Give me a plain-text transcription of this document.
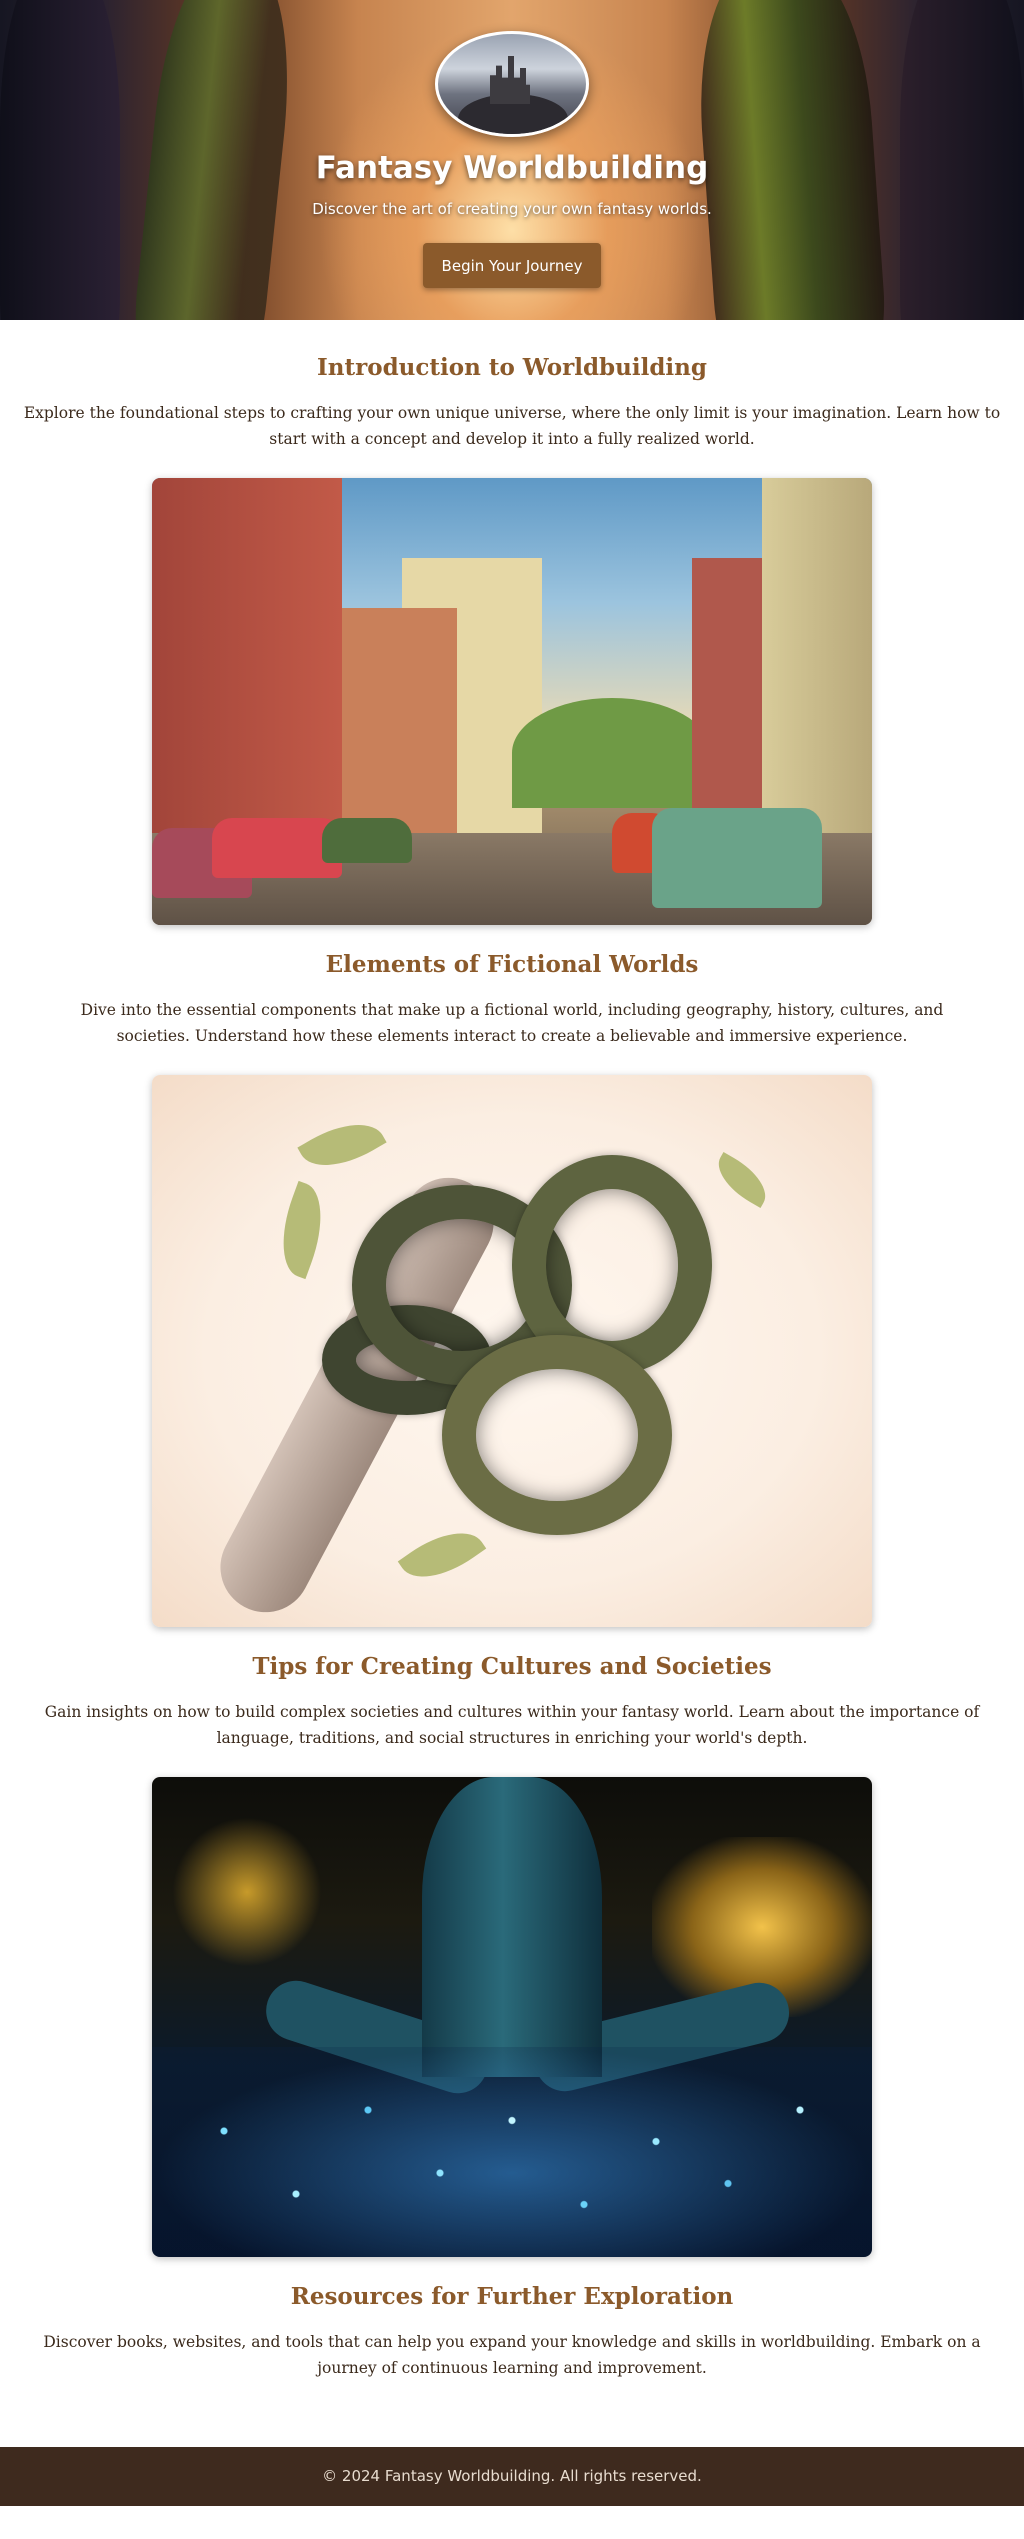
Fantasy Worldbuilding

Discover the art of creating your own fantasy worlds.

Begin Your Journey
Introduction to Worldbuilding

Explore the foundational steps to crafting your own unique universe, where the only limit is your imagination. Learn how to start with a concept and develop it into a fully realized world.

Elements of Fictional Worlds

Dive into the essential components that make up a fictional world, including geography, history, cultures, and societies. Understand how these elements interact to create a believable and immersive experience.

Tips for Creating Cultures and Societies

Gain insights on how to build complex societies and cultures within your fantasy world. Learn about the importance of language, traditions, and social structures in enriching your world's depth.

Resources for Further Exploration

Discover books, websites, and tools that can help you expand your knowledge and skills in worldbuilding. Embark on a journey of continuous learning and improvement.

© 2024 Fantasy Worldbuilding. All rights reserved.
